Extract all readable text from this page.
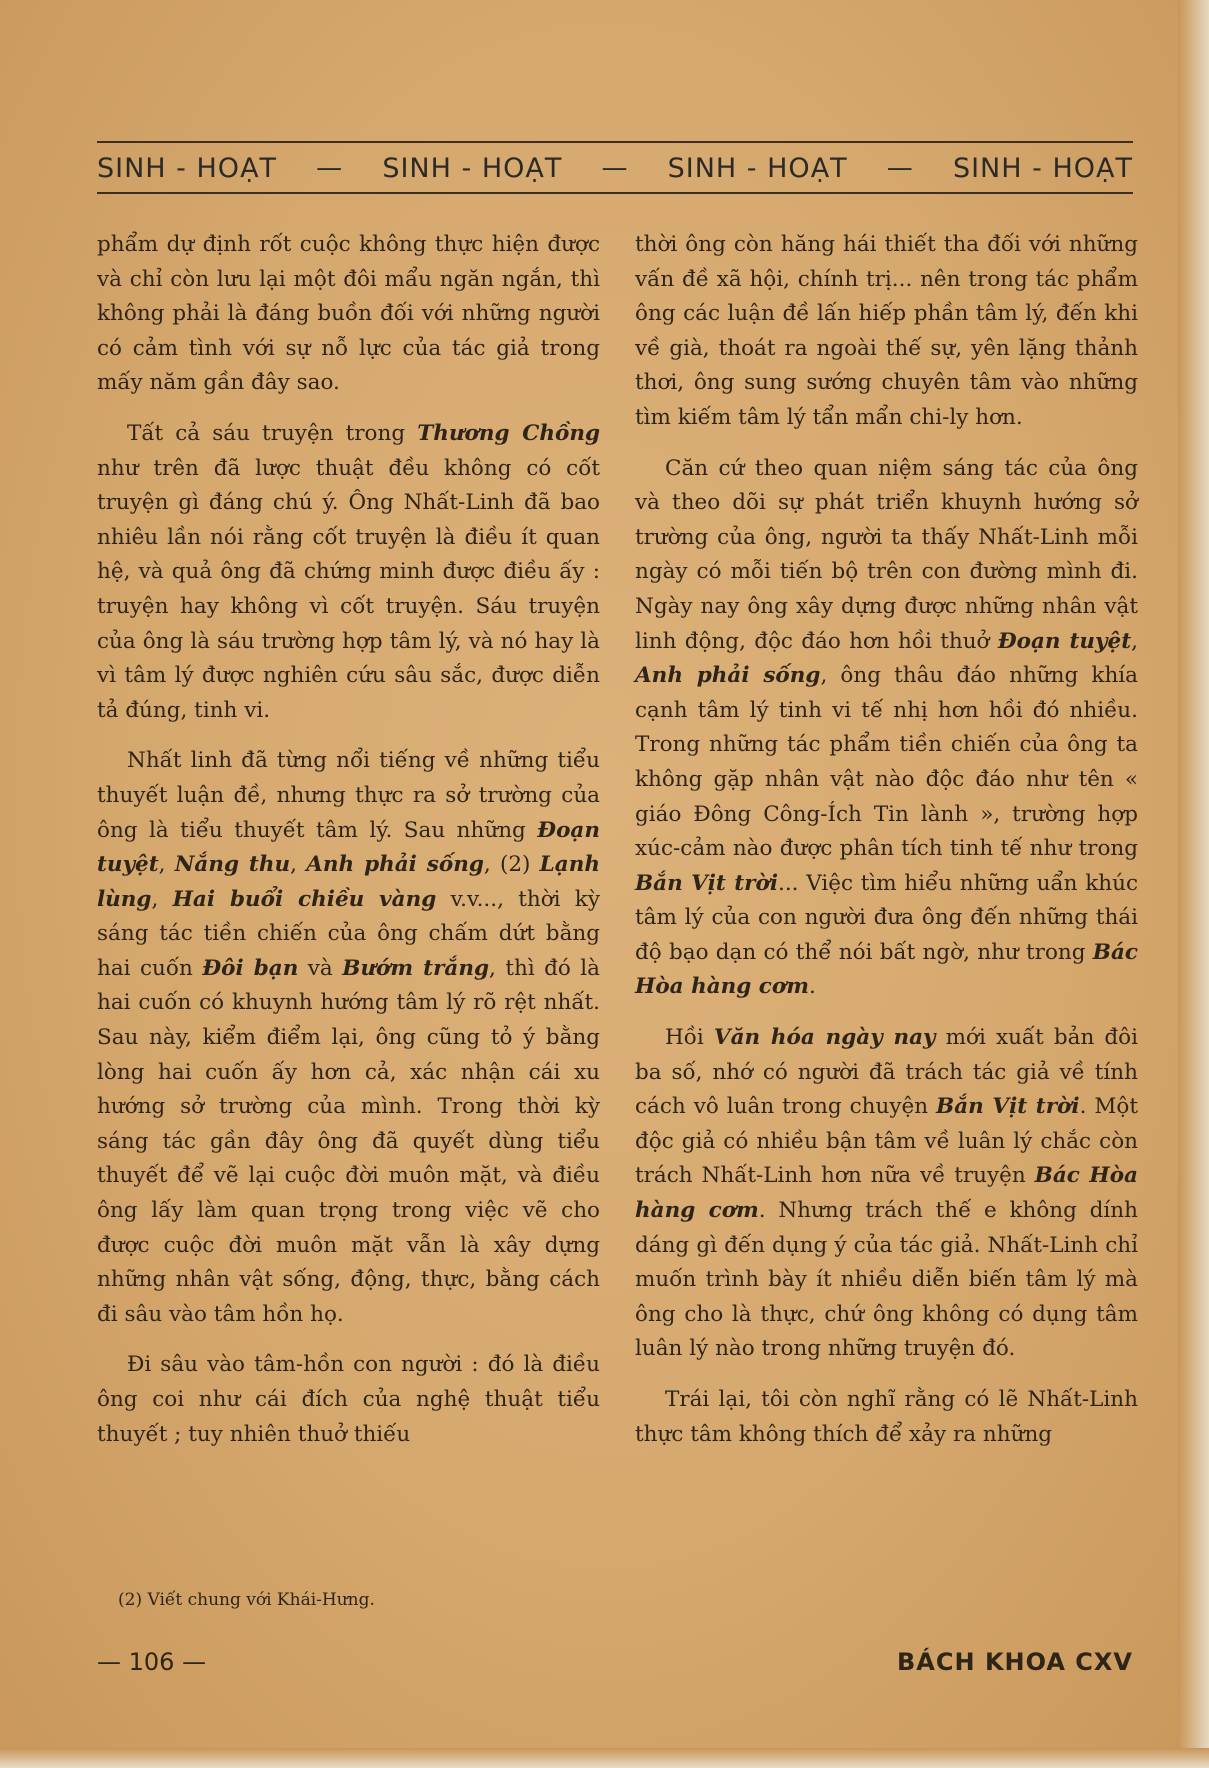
SINH - HOẠT — SINH - HOẠT — SINH - HOẠT — SINH - HOẠT

phẩm dự định rốt cuộc không thực hiện được và chỉ còn lưu lại một đôi mẩu ngăn ngắn, thì không phải là đáng buồn đối với những người có cảm tình với sự nỗ lực của tác giả trong mấy năm gần đây sao.

Tất cả sáu truyện trong Thương Chồng như trên đã lược thuật đều không có cốt truyện gì đáng chú ý. Ông Nhất-Linh đã bao nhiêu lần nói rằng cốt truyện là điều ít quan hệ, và quả ông đã chứng minh được điều ấy : truyện hay không vì cốt truyện. Sáu truyện của ông là sáu trường hợp tâm lý, và nó hay là vì tâm lý được nghiên cứu sâu sắc, được diễn tả đúng, tinh vi.

Nhất linh đã từng nổi tiếng về những tiểu thuyết luận đề, nhưng thực ra sở trường của ông là tiểu thuyết tâm lý. Sau những Đoạn tuyệt, Nắng thu, Anh phải sống, (2) Lạnh lùng, Hai buổi chiều vàng v.v..., thời kỳ sáng tác tiền chiến của ông chấm dứt bằng hai cuốn Đôi bạn và Bướm trắng, thì đó là hai cuốn có khuynh hướng tâm lý rõ rệt nhất. Sau này, kiểm điểm lại, ông cũng tỏ ý bằng lòng hai cuốn ấy hơn cả, xác nhận cái xu hướng sở trường của mình. Trong thời kỳ sáng tác gần đây ông đã quyết dùng tiểu thuyết để vẽ lại cuộc đời muôn mặt, và điều ông lấy làm quan trọng trong việc vẽ cho được cuộc đời muôn mặt vẫn là xây dựng những nhân vật sống, động, thực, bằng cách đi sâu vào tâm hồn họ.

Đi sâu vào tâm-hồn con người : đó là điều ông coi như cái đích của nghệ thuật tiểu thuyết ; tuy nhiên thuở thiếu

(2) Viết chung với Khái-Hưng.

thời ông còn hăng hái thiết tha đối với những vấn đề xã hội, chính trị... nên trong tác phẩm ông các luận đề lấn hiếp phần tâm lý, đến khi về già, thoát ra ngoài thế sự, yên lặng thảnh thơi, ông sung sướng chuyên tâm vào những tìm kiếm tâm lý tẩn mẩn chi-ly hơn.

Căn cứ theo quan niệm sáng tác của ông và theo dõi sự phát triển khuynh hướng sở trường của ông, người ta thấy Nhất-Linh mỗi ngày có mỗi tiến bộ trên con đường mình đi. Ngày nay ông xây dựng được những nhân vật linh động, độc đáo hơn hồi thuở Đoạn tuyệt, Anh phải sống, ông thâu đáo những khía cạnh tâm lý tinh vi tế nhị hơn hồi đó nhiều. Trong những tác phẩm tiền chiến của ông ta không gặp nhân vật nào độc đáo như tên « giáo Đông Công-Ích Tin lành », trường hợp xúc-cảm nào được phân tích tinh tế như trong Bắn Vịt trời... Việc tìm hiểu những uẩn khúc tâm lý của con người đưa ông đến những thái độ bạo dạn có thể nói bất ngờ, như trong Bác Hòa hàng cơm.

Hồi Văn hóa ngày nay mới xuất bản đôi ba số, nhớ có người đã trách tác giả về tính cách vô luân trong chuyện Bắn Vịt trời. Một độc giả có nhiều bận tâm về luân lý chắc còn trách Nhất-Linh hơn nữa về truyện Bác Hòa hàng cơm. Nhưng trách thế e không dính dáng gì đến dụng ý của tác giả. Nhất-Linh chỉ muốn trình bày ít nhiều diễn biến tâm lý mà ông cho là thực, chứ ông không có dụng tâm luân lý nào trong những truyện đó.

Trái lại, tôi còn nghĩ rằng có lẽ Nhất-Linh thực tâm không thích để xảy ra những

— 106 —	BÁCH KHOA CXV
